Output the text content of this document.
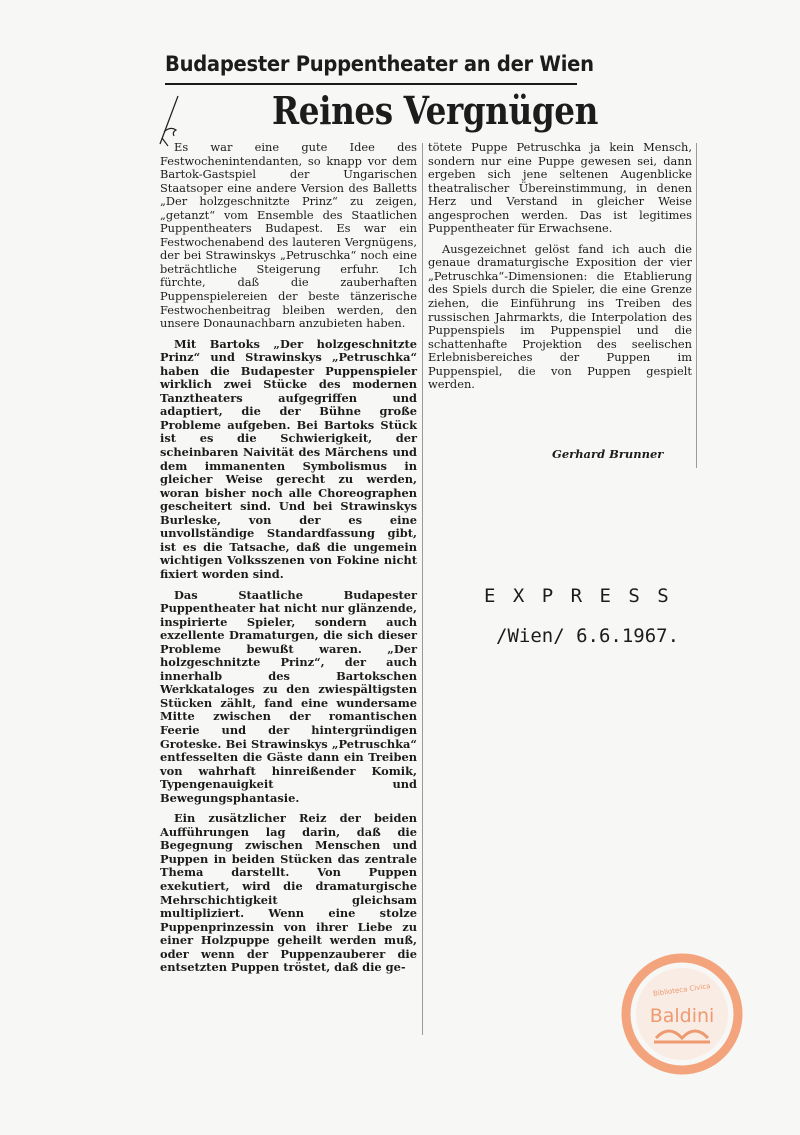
Budapester Puppentheater an der Wien
Reines Vergnügen

Es war eine gute Idee des Festwochenintendanten, so knapp vor dem Bartok-Gastspiel der Ungarischen Staatsoper eine andere Version des Balletts „Der holzgeschnitzte Prinz“ zu zeigen, „getanzt“ vom Ensemble des Staatlichen Puppentheaters Budapest. Es war ein Festwochenabend des lauteren Vergnügens, der bei Strawinskys „Petruschka“ noch eine beträchtliche Steigerung erfuhr. Ich fürchte, daß die zauberhaften Puppenspielereien der beste tänzerische Festwochenbeitrag bleiben werden, den unsere Donaunachbarn anzubieten haben.

Mit Bartoks „Der holzgeschnitzte Prinz“ und Strawinskys „Petruschka“ haben die Budapester Puppenspieler wirklich zwei Stücke des modernen Tanztheaters aufgegriffen und adaptiert, die der Bühne große Probleme aufgeben. Bei Bartoks Stück ist es die Schwierigkeit, der scheinbaren Naivität des Märchens und dem immanenten Symbolismus in gleicher Weise gerecht zu werden, woran bisher noch alle Choreographen gescheitert sind. Und bei Strawinskys Burleske, von der es eine unvollständige Standardfassung gibt, ist es die Tatsache, daß die ungemein wichtigen Volksszenen von Fokine nicht fixiert worden sind.

Das Staatliche Budapester Puppentheater hat nicht nur glänzende, inspirierte Spieler, sondern auch exzellente Dramaturgen, die sich dieser Probleme bewußt waren. „Der holzgeschnitzte Prinz“, der auch innerhalb des Bartokschen Werkkataloges zu den zwiespältigsten Stücken zählt, fand eine wundersame Mitte zwischen der romantischen Feerie und der hintergründigen Groteske. Bei Strawinskys „Petruschka“ entfesselten die Gäste dann ein Treiben von wahrhaft hinreißender Komik, Typengenauigkeit und Bewegungsphantasie.

Ein zusätzlicher Reiz der beiden Aufführungen lag darin, daß die Begegnung zwischen Menschen und Puppen in beiden Stücken das zentrale Thema darstellt. Von Puppen exekutiert, wird die dramaturgische Mehrschichtigkeit gleichsam multipliziert. Wenn eine stolze Puppenprinzessin von ihrer Liebe zu einer Holzpuppe geheilt werden muß, oder wenn der Puppenzauberer die entsetzten Puppen tröstet, daß die ge-

tötete Puppe Petruschka ja kein Mensch, sondern nur eine Puppe gewesen sei, dann ergeben sich jene seltenen Augenblicke theatralischer Übereinstimmung, in denen Herz und Verstand in gleicher Weise angesprochen werden. Das ist legitimes Puppentheater für Erwachsene.

Ausgezeichnet gelöst fand ich auch die genaue dramaturgische Exposition der vier „Petruschka“-Dimensionen: die Etablierung des Spiels durch die Spieler, die eine Grenze ziehen, die Einführung ins Treiben des russischen Jahrmarkts, die Interpolation des Puppenspiels im Puppenspiel und die schattenhafte Projektion des seelischen Erlebnisbereiches der Puppen im Puppenspiel, die von Puppen gespielt werden.

Gerhard Brunner
E X P R E S S
/Wien/ 6.6.1967.
Biblioteca Civica
Baldini
